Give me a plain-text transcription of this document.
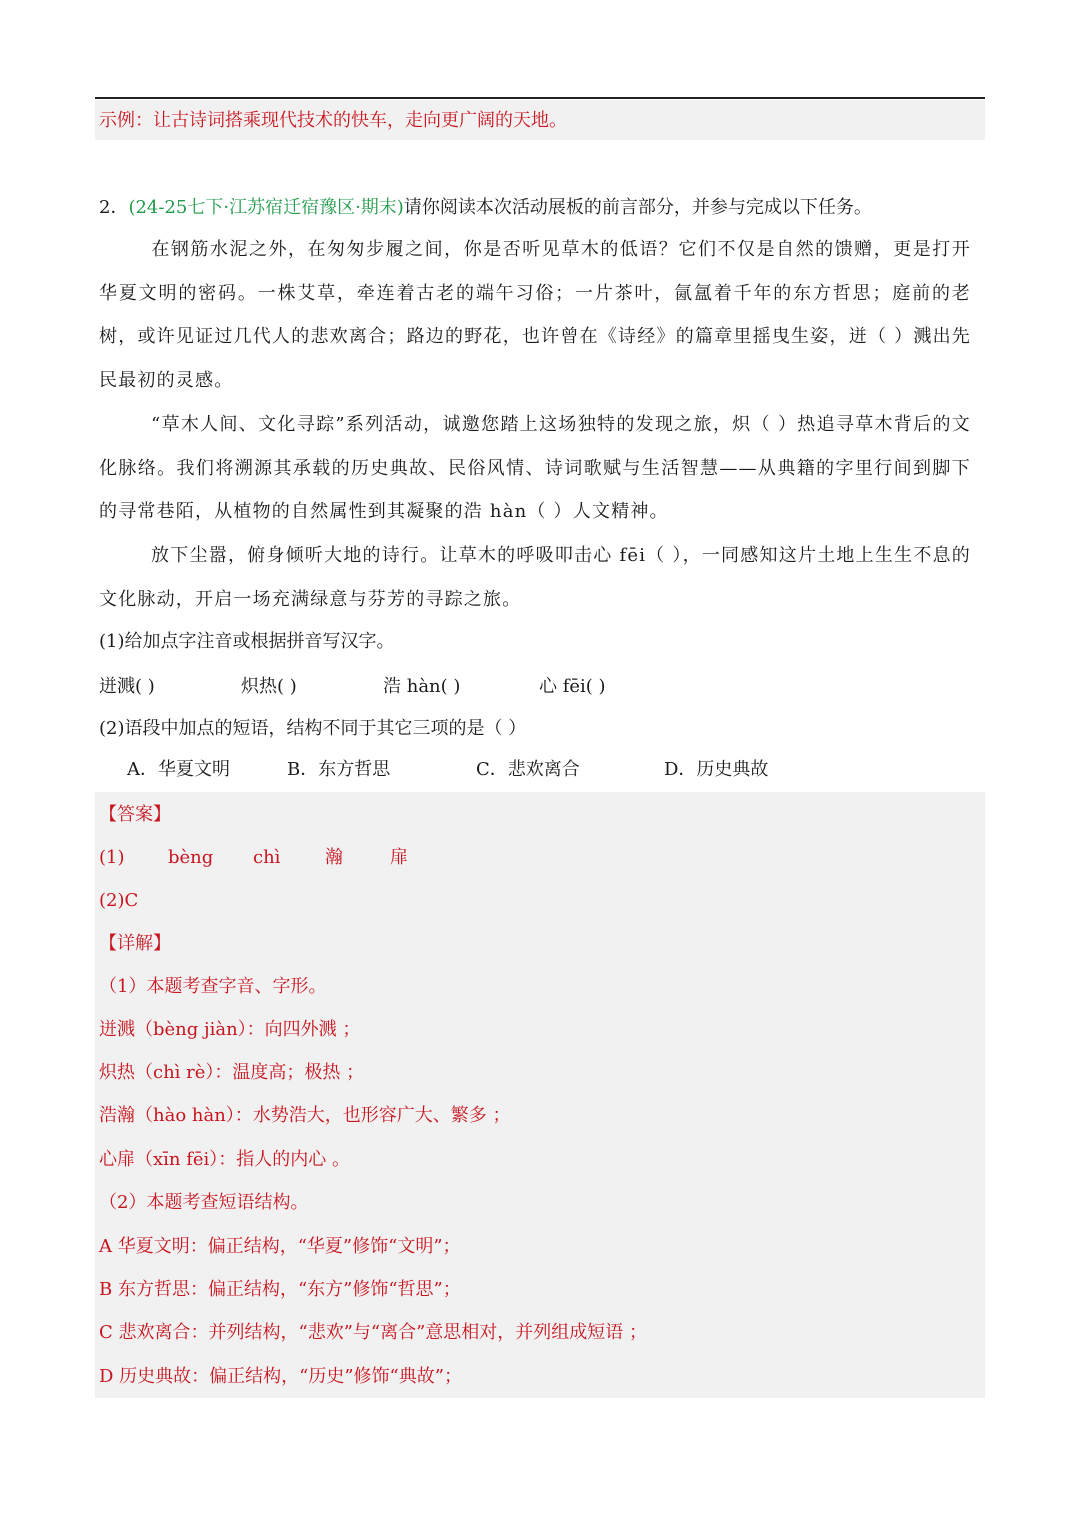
示例：让古诗词搭乘现代技术的快车，走向更广阔的天地。
2．(24-25七下·江苏宿迁宿豫区·期末)请你阅读本次活动展板的前言部分，并参与完成以下任务。
在钢筋水泥之外，在匆匆步履之间，你是否听见草木的低语？它们不仅是自然的馈赠，更是打开华夏文明的密码。一株艾草，牵连着古老的端午习俗；一片茶叶，氤氲着千年的东方哲思；庭前的老树，或许见证过几代人的悲欢离合；路边的野花，也许曾在《诗经》的篇章里摇曳生姿，迸（ ）溅出先民最初的灵感。
“草木人间、文化寻踪”系列活动，诚邀您踏上这场独特的发现之旅，炽（ ）热追寻草木背后的文化脉络。我们将溯源其承载的历史典故、民俗风情、诗词歌赋与生活智慧——从典籍的字里行间到脚下的寻常巷陌，从植物的自然属性到其凝聚的浩 hàn（ ）人文精神。
放下尘嚣，俯身倾听大地的诗行。让草木的呼吸叩击心 fēi（ ），一同感知这片土地上生生不息的文化脉动，开启一场充满绿意与芬芳的寻踪之旅。
(1)给加点字注音或根据拼音写汉字。
迸溅( )	炽热( )	浩 hàn( )	心 fēi( )
(2)语段中加点的短语，结构不同于其它三项的是（ ）
A．华夏文明	B．东方哲思	C．悲欢离合	D．历史典故
【答案】
(1) bèng chì 瀚	扉
(2)C
【详解】
（1）本题考查字音、字形。
迸溅（bèng jiàn）：向四外溅 ；
炽热（chì rè）：温度高；极热 ；
浩瀚（hào hàn）：水势浩大，也形容广大、繁多 ；
心扉（xīn fēi）：指人的内心 。
（2）本题考查短语结构。
A 华夏文明：偏正结构，“华夏”修饰“文明”；
B 东方哲思：偏正结构，“东方”修饰“哲思”；
C 悲欢离合：并列结构，“悲欢”与“离合”意思相对，并列组成短语 ；
D 历史典故：偏正结构，“历史”修饰“典故”；
